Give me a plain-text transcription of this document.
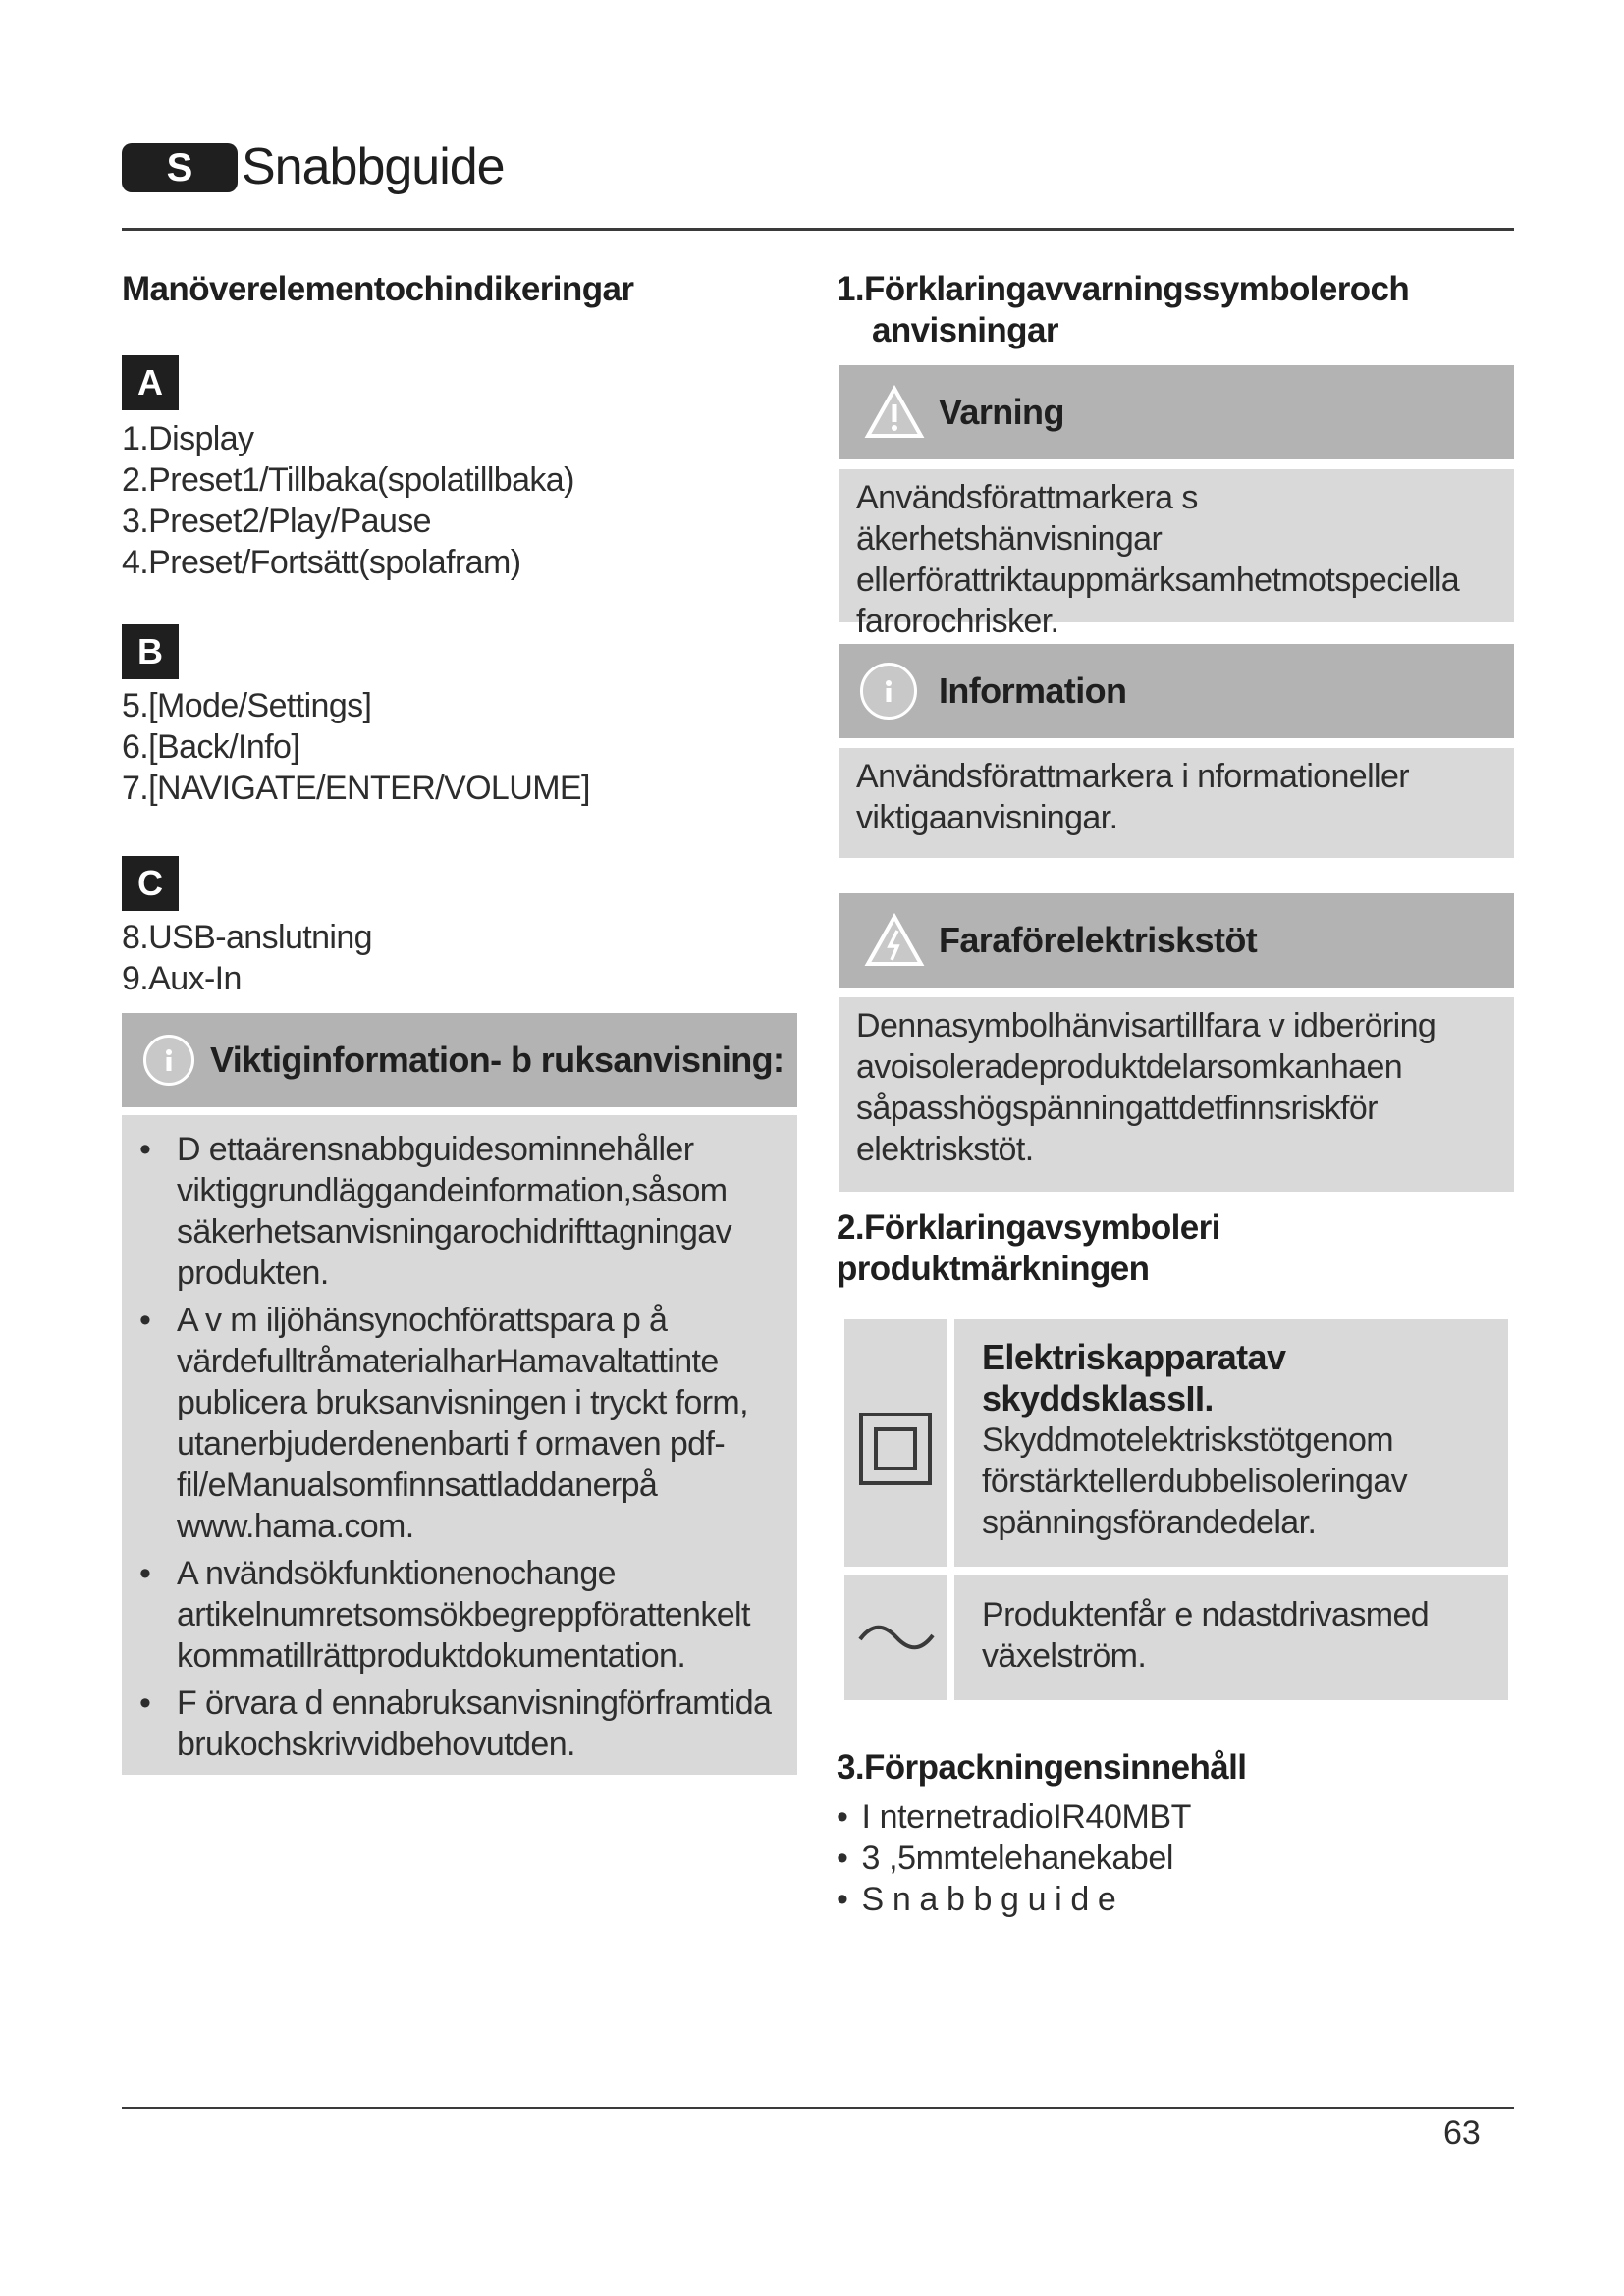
S Snabbguide
Manöverelementochindikeringar
A
1.Display
2.Preset1/Tillbaka(spolatillbaka)
3.Preset2/Play/Pause
4.Preset/Fortsätt(spolafram)
B
5.[Mode/Settings]
6.[Back/Info]
7.[NAVIGATE/ENTER/VOLUME]
C
8.USB-anslutning
9.Aux-In
Viktiginformation- b ruksanvisning:
• D ettaärensnabbguidesominnehåller viktiggrundläggandeinformation,såsom säkerhetsanvisningarochidrifttagningav produkten.
• A v m iljöhänsynochförattspara p å värdefulltråmaterialharHamavaltattinte publicera bruksanvisningen i tryckt form, utanerbjuderdenenbarti f ormaven pdf-fil/eManualsomfinnsattladdanerpå www.hama.com.
• A nvändsökfunktionenochange artikelnumretsomsökbegreppförattenkelt kommatillrättproduktdokumentation.
• F örvara d ennabruksanvisningförframtida brukochskrivvidbehovutden.
1.Förklaringavvarningssymboleroch
anvisningar
Varning
Användsförattmarkera s äkerhetshänvisningar ellerförattriktauppmärksamhetmotspeciella farorochrisker.
Information
Användsförattmarkera i nformationeller viktigaanvisningar.
Faraförelektriskstöt
Dennasymbolhänvisartillfara v idberöring avoisoleradeproduktdelarsomkanhaen såpasshögspänningattdetfinnsriskför elektriskstöt.
2.Förklaringavsymboleri
produktmärkningen
Elektriskapparatav
skyddsklassII.
Skyddmotelektriskstötgenom förstärktellerdubbelisoleringav spänningsförandedelar.
Produktenfår e ndastdrivasmed växelström.
3.Förpackningensinnehåll
• I nternetradioIR40MBT
• 3 ,5mmtelehanekabel
• S n a b b g u i d e
63
